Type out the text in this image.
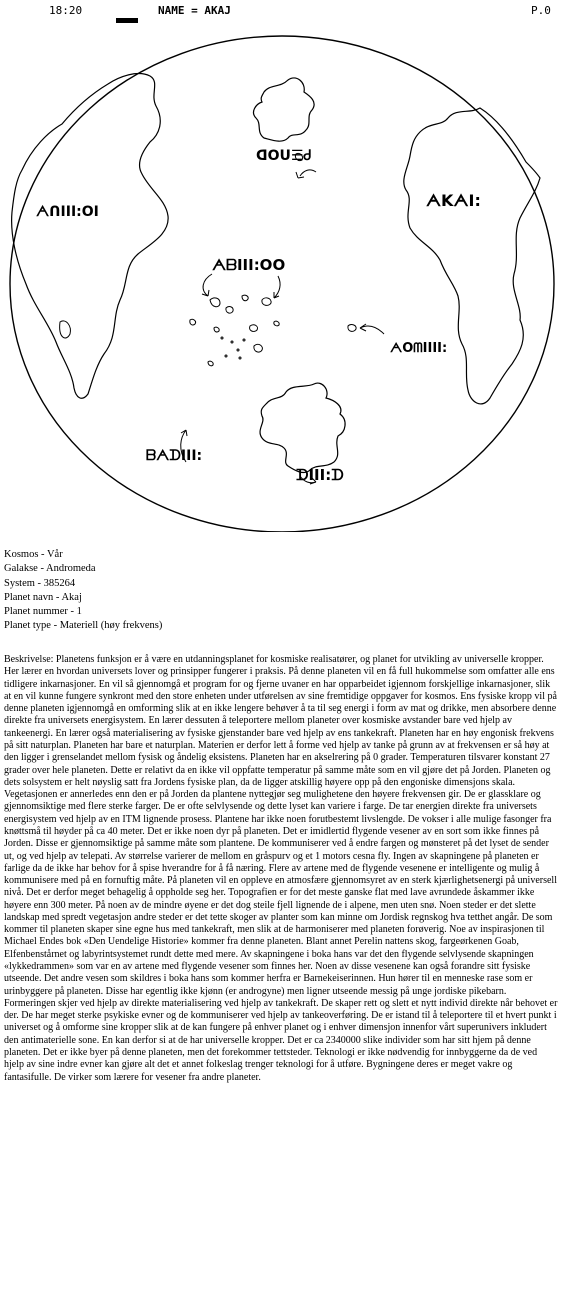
18:20	NAME = AKAJ	P.0
ᗡOᑌ☰Ꮷ
ᗅᑎIII:OI
ᗅKᗅI:
ᗅᗷIII:OO
ᗅOᗰIIII:
ᗷᗅᗪIII:
ᗪIII:ᗪ
Kosmos - Vår
Galakse - Andromeda
System - 385264
Planet navn - Akaj
Planet nummer - 1
Planet type - Materiell (høy frekvens)
Beskrivelse: Planetens funksjon er å være en utdanningsplanet for kosmiske realisatører, og planet for utvikling av universelle kropper. Her lærer en hvordan universets lover og prinsipper fungerer i praksis. På denne planeten vil en få full hukommelse som omfatter alle ens tidligere inkarnasjoner. En vil så gjennomgå et program for og fjerne uvaner en har opparbeidet igjennom forskjellige inkarnasjoner, slik at en vil kunne fungere synkront med den store enheten under utførelsen av sine fremtidige oppgaver for kosmos. Ens fysiske kropp vil på denne planeten igjennomgå en omforming slik at en ikke lengere behøver å ta til seg energi i form av mat og drikke, men absorbere denne direkte fra universets energisystem. En lærer dessuten å teleportere mellom planeter over kosmiske avstander bare ved hjelp av tankeenergi. En lærer også materialisering av fysiske gjenstander bare ved hjelp av ens tankekraft. Planeten har en høy engonisk frekvens på sitt naturplan. Planeten har bare et naturplan. Materien er derfor lett å forme ved hjelp av tanke på grunn av at frekvensen er så høy at den ligger i grenselandet mellom fysisk og åndelig eksistens. Planeten har en akselrering på 0 grader. Temperaturen tilsvarer konstant 27 grader over hele planeten. Dette er relativt da en ikke vil oppfatte temperatur på samme måte som en vil gjøre det på Jorden. Planeten og dets solsystem er helt nøyslig satt fra Jordens fysiske plan, da de ligger atskillig høyere opp på den engoniske dimensjons skala. Vegetasjonen er annerledes enn den er på Jorden da plantene nyttegjør seg mulighetene den høyere frekvensen gir. De er glassklare og gjennomsiktige med flere sterke farger. De er ofte selvlysende og dette lyset kan variere i farge. De tar energien direkte fra universets energisystem ved hjelp av en ITM lignende prosess. Plantene har ikke noen forutbestemt livslengde. De vokser i alle mulige fasonger fra knøttsmå til høyder på ca 40 meter. Det er ikke noen dyr på planeten. Det er imidlertid flygende vesener av en sort som ikke finnes på Jorden. Disse er gjennomsiktige på samme måte som plantene. De kommuniserer ved å endre fargen og mønsteret på det lyset de sender ut, og ved hjelp av telepati. Av størrelse varierer de mellom en gråspurv og et 1 motors cesna fly. Ingen av skapningene på planeten er farlige da de ikke har behov for å spise hverandre for å få næring. Flere av artene med de flygende vesenene er intelligente og mulig å kommunisere med på en fornuftig måte. På planeten vil en oppleve en atmosfære gjennomsyret av en sterk kjærlighetsenergi på universell nivå. Det er derfor meget behagelig å oppholde seg her. Topografien er for det meste ganske flat med lave avrundede åskammer ikke høyere enn 300 meter. På noen av de mindre øyene er det dog steile fjell lignende de i alpene, men uten snø. Noen steder er det slette landskap med spredt vegetasjon andre steder er det tette skoger av planter som kan minne om Jordisk regnskog hva tetthet angår. De som kommer til planeten skaper sine egne hus med tankekraft, men slik at de harmoniserer med planeten forøverig. Noe av inspirasjonen til Michael Endes bok «Den Uendelige Historie» kommer fra denne planeten. Blant annet Perelin nattens skog, fargeørkenen Goab, Elfenbenstårnet og labyrintsystemet rundt dette med mere. Av skapningene i boka hans var det den flygende selvlysende skapningen «lykkedrammen» som var en av artene med flygende vesener som finnes her. Noen av disse vesenene kan også forandre sitt fysiske utseende. Det andre vesen som skildres i boka hans som kommer herfra er Barnekeiserinnen. Hun hører til en menneske rase som er urinbyggere på planeten. Disse har egentlig ikke kjønn (er androgyne) men ligner utseende messig på unge jordiske pikebarn. Formeringen skjer ved hjelp av direkte materialisering ved hjelp av tankekraft. De skaper rett og slett et nytt individ direkte når behovet er der. De har meget sterke psykiske evner og de kommuniserer ved hjelp av tankeoverføring. De er istand til å teleportere til et hvert punkt i universet og å omforme sine kropper slik at de kan fungere på enhver planet og i enhver dimensjon innenfor vårt superunivers inkludert den antimaterielle sone. En kan derfor si at de har universelle kropper. Det er ca 2340000 slike individer som har sitt hjem på denne planeten. Det er ikke byer på denne planeten, men det forekommer tettsteder. Teknologi er ikke nødvendig for innbyggerne da de ved hjelp av sine indre evner kan gjøre alt det et annet folkeslag trenger teknologi for å utføre. Bygningene deres er meget vakre og fantasifulle. De virker som lærere for vesener fra andre planeter.
